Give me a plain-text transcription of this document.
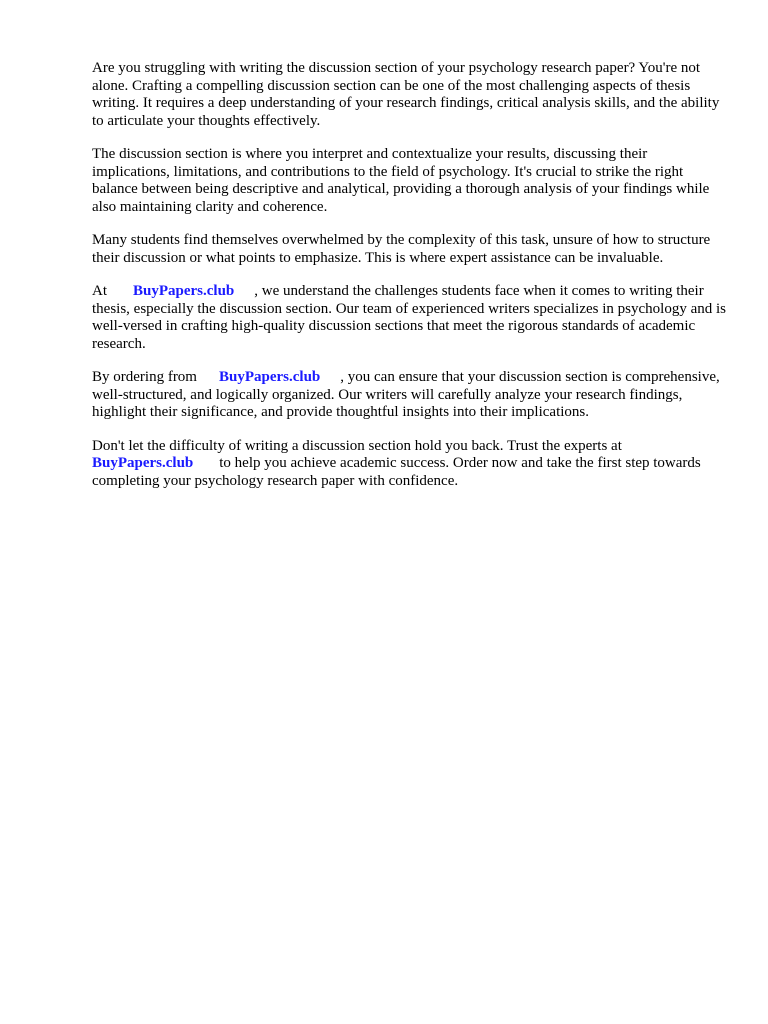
Are you struggling with writing the discussion section of your psychology research paper? You're not alone. Crafting a compelling discussion section can be one of the most challenging aspects of thesis writing. It requires a deep understanding of your research findings, critical analysis skills, and the ability to articulate your thoughts effectively.

The discussion section is where you interpret and contextualize your results, discussing their implications, limitations, and contributions to the field of psychology. It's crucial to strike the right balance between being descriptive and analytical, providing a thorough analysis of your findings while also maintaining clarity and coherence.

Many students find themselves overwhelmed by the complexity of this task, unsure of how to structure their discussion or what points to emphasize. This is where expert assistance can be invaluable.

At BuyPapers.club , we understand the challenges students face when it comes to writing their thesis, especially the discussion section. Our team of experienced writers specializes in psychology and is well-versed in crafting high-quality discussion sections that meet the rigorous standards of academic research.

By ordering from BuyPapers.club , you can ensure that your discussion section is comprehensive, well-structured, and logically organized. Our writers will carefully analyze your research findings, highlight their significance, and provide thoughtful insights into their implications.

Don't let the difficulty of writing a discussion section hold you back. Trust the experts at BuyPapers.club to help you achieve academic success. Order now and take the first step towards completing your psychology research paper with confidence.
